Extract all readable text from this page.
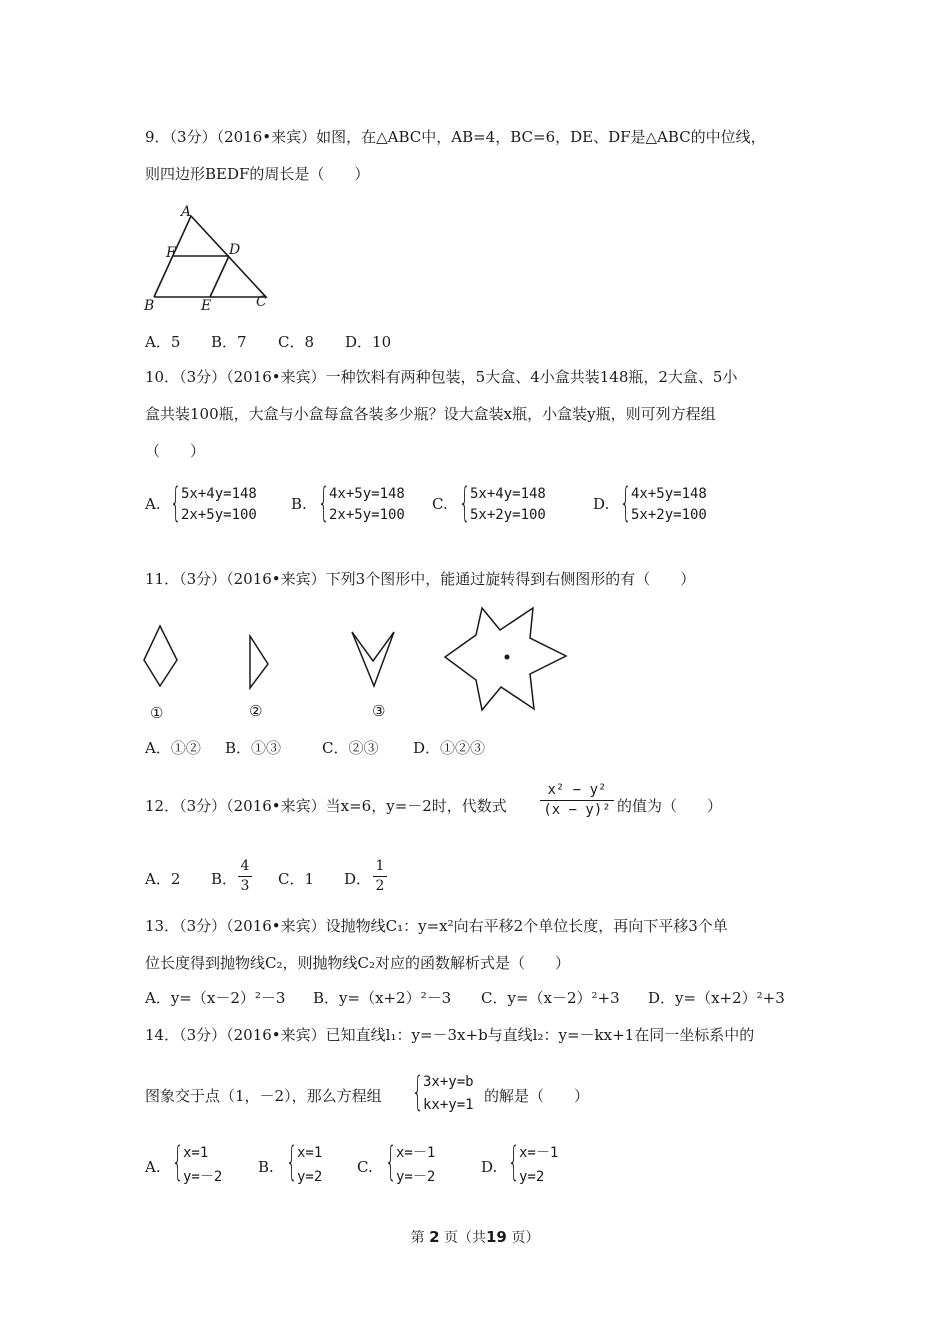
9．（3分）（2016•来宾）如图，在△ABC中，AB=4，BC=6，DE、DF是△ABC的中位线，
则四边形BEDF的周长是（　　）
A
F	D
B	E	C
A．5 B．7 C．8 D．10
10．（3分）（2016•来宾）一种饮料有两种包装，5大盒、4小盒共装148瓶，2大盒、5小
盒共装100瓶，大盒与小盒每盒各装多少瓶？设大盒装x瓶，小盒装y瓶，则可列方程组
（　　）
A. { 5x+4y=148
2x+5y=100
B. { 4x+5y=148
2x+5y=100
C. { 5x+4y=148
5x+2y=100
D. { 4x+5y=148
5x+2y=100
11．（3分）（2016•来宾）下列3个图形中，能通过旋转得到右侧图形的有（　　）
①	②	③
A．①② B．①③	C．②③ D．①②③
12．（3分）（2016•来宾）当x=6，y=－2时，代数式
x² − y²
(x − y)² 的值为（　　）
A．2 B．
4
3 C．1 D．
1
2
13．（3分）（2016•来宾）设抛物线C₁：y=x²向右平移2个单位长度，再向下平移3个单
位长度得到抛物线C₂，则抛物线C₂对应的函数解析式是（　　）
A．y=（x－2）²－3 B．y=（x+2）²－3 C．y=（x－2）²+3 D．y=（x+2）²+3
14．（3分）（2016•来宾）已知直线l₁：y=－3x+b与直线l₂：y=－kx+1在同一坐标系中的
图象交于点（1，－2），那么方程组 { 3x+y=b
kx+y=1 的解是（　　）
A. { x=1
y=－2
B. { x=1
y=2
C. { x=－1
y=－2
D. { x=－1
y=2
第 2 页（共19 页）
